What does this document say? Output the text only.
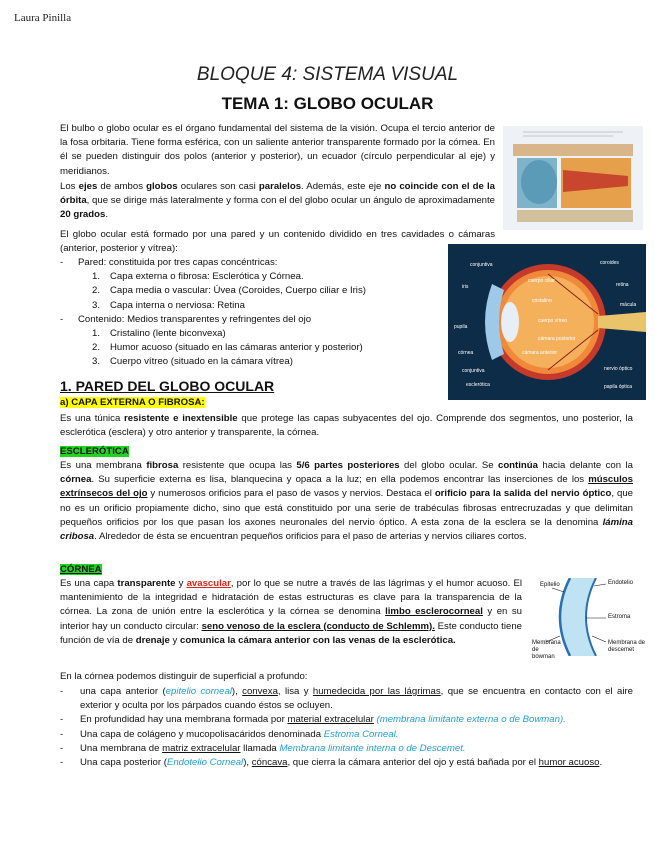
Laura Pinilla
BLOQUE 4: SISTEMA VISUAL
TEMA 1: GLOBO OCULAR
El bulbo o globo ocular es el órgano fundamental del sistema de la visión. Ocupa el tercio anterior de la fosa orbitaria. Tiene forma esférica, con un saliente anterior transparente formado por la córnea. En él se pueden distinguir dos polos (anterior y posterior), un ecuador (círculo perpendicular al eje) y meridianos.
Los ejes de ambos globos oculares son casi paralelos. Además, este eje no coincide con el de la órbita, que se dirige más lateralmente y forma con el del globo ocular un ángulo de aproximadamente 20 grados.
El globo ocular está formado por una pared y un contenido dividido en tres cavidades o cámaras (anterior, posterior y vítrea):
conjuntiva
iris
cuerpo ciliar
cristalino
córnea
pupila
cámara anterior
conjuntiva
esclerótica
coroides
retina
mácula
cuerpo vítreo
nervio óptico
papila óptica
cámara posterior
- Pared: constituida por tres capas concéntricas:
1. Capa externa o fibrosa: Esclerótica y Córnea.
2. Capa media o vascular: Úvea (Coroides, Cuerpo ciliar e Iris)
3. Capa interna o nerviosa: Retina
- Contenido: Medios transparentes y refringentes del ojo
1. Cristalino (lente biconvexa)
2. Humor acuoso (situado en las cámaras anterior y posterior)
3. Cuerpo vítreo (situado en la cámara vítrea)
1. PARED DEL GLOBO OCULAR
a) CAPA EXTERNA O FIBROSA:
Es una túnica resistente e inextensible que protege las capas subyacentes del ojo. Comprende dos segmentos, uno posterior, la esclerótica (esclera) y otro anterior y transparente, la córnea.
ESCLERÓTICA
Es una membrana fibrosa resistente que ocupa las 5/6 partes posteriores del globo ocular. Se continúa hacia delante con la córnea. Su superficie externa es lisa, blanquecina y opaca a la luz; en ella podemos encontrar las inserciones de los músculos extrínsecos del ojo y numerosos orificios para el paso de vasos y nervios. Destaca el orificio para la salida del nervio óptico, que no es un orificio propiamente dicho, sino que está constituido por una serie de trabéculas fibrosas entrecruzadas y que delimitan pequeños orificios por los que pasan los axones neuronales del nervio óptico. A esta zona de la esclera se la denomina lámina cribosa. Alrededor de ésta se encuentran pequeños orificios para el paso de arterias y nervios ciliares cortos.
CÓRNEA
Es una capa transparente y avascular, por lo que se nutre a través de las lágrimas y el humor acuoso. El mantenimiento de la integridad e hidratación de estas estructuras es clave para la transparencia de la córnea. La zona de unión entre la esclerótica y la córnea se denomina limbo esclerocorneal y en su interior hay un conducto circular: seno venoso de la esclera (conducto de Schlemm). Este conducto tiene función de vía de drenaje y comunica la cámara anterior con las venas de la esclerótica.
Epitelio	Endotelio
Estroma
Membrana de bowman
Membrana de descemet
En la córnea podemos distinguir de superficial a profundo:
- una capa anterior (epitelio corneal), convexa, lisa y humedecida por las lágrimas, que se encuentra en contacto con el aire exterior y oculta por los párpados cuando éstos se ocluyen.
- En profundidad hay una membrana formada por material extracelular (membrana limitante externa o de Bowman).
- Una capa de colágeno y mucopolisacáridos denominada Estroma Corneal.
- Una membrana de matriz extracelular llamada Membrana limitante interna o de Descemet.
- Una capa posterior (Endotelio Corneal), cóncava, que cierra la cámara anterior del ojo y está bañada por el humor acuoso.
